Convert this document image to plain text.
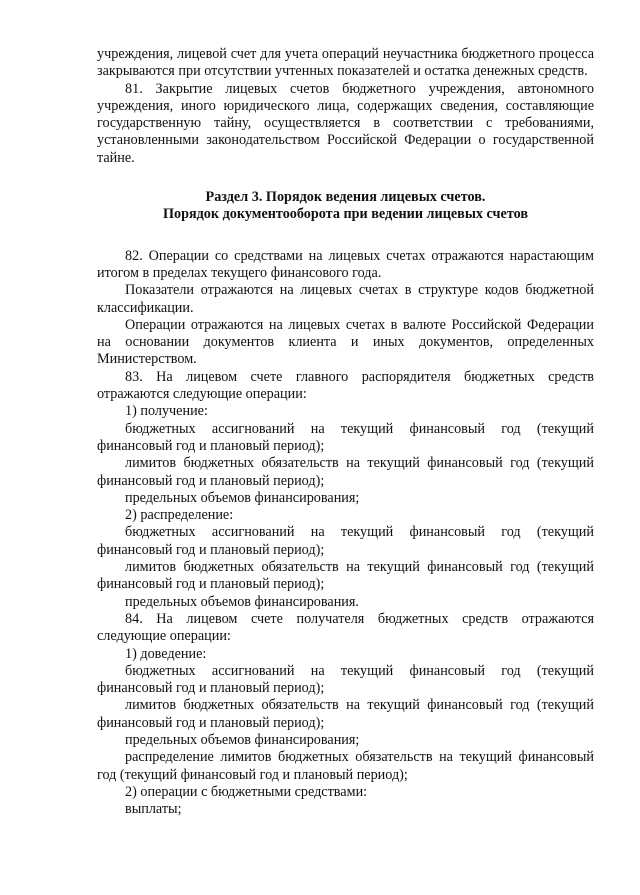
учреждения, лицевой счет для учета операций неучастника бюджетного процесса закрываются при отсутствии учтенных показателей и остатка денежных средств.

81. Закрытие лицевых счетов бюджетного учреждения, автономного учреждения, иного юридического лица, содержащих сведения, составляющие государственную тайну, осуществляется в соответствии с требованиями, установленными законодательством Российской Федерации о государственной тайне.

Раздел 3. Порядок ведения лицевых счетов.
Порядок документооборота при ведении лицевых счетов

82. Операции со средствами на лицевых счетах отражаются нарастающим итогом в пределах текущего финансового года.

Показатели отражаются на лицевых счетах в структуре кодов бюджетной классификации.

Операции отражаются на лицевых счетах в валюте Российской Федерации на основании документов клиента и иных документов, определенных Министерством.

83. На лицевом счете главного распорядителя бюджетных средств отражаются следующие операции:

1) получение:

бюджетных ассигнований на текущий финансовый год (текущий финансовый год и плановый период);

лимитов бюджетных обязательств на текущий финансовый год (текущий финансовый год и плановый период);

предельных объемов финансирования;

2) распределение:

бюджетных ассигнований на текущий финансовый год (текущий финансовый год и плановый период);

лимитов бюджетных обязательств на текущий финансовый год (текущий финансовый год и плановый период);

предельных объемов финансирования.

84. На лицевом счете получателя бюджетных средств отражаются следующие операции:

1) доведение:

бюджетных ассигнований на текущий финансовый год (текущий финансовый год и плановый период);

лимитов бюджетных обязательств на текущий финансовый год (текущий финансовый год и плановый период);

предельных объемов финансирования;

распределение лимитов бюджетных обязательств на текущий финансовый год (текущий финансовый год и плановый период);

2) операции с бюджетными средствами:

выплаты;
